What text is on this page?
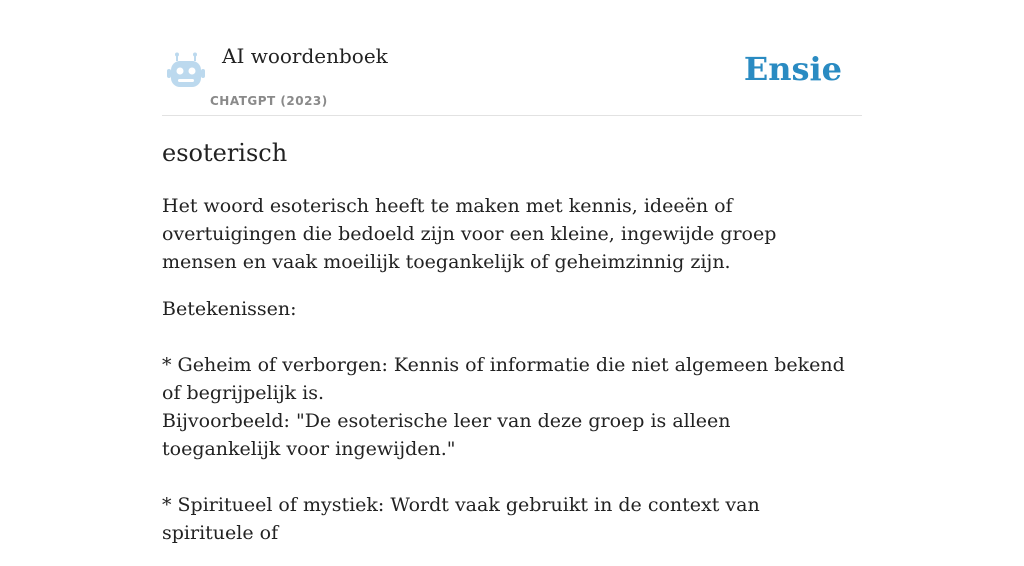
AI woordenboek
CHATGPT (2023)
Ensie
esoterisch

Het woord esoterisch heeft te maken met kennis, ideeën of overtuigingen die bedoeld zijn voor een kleine, ingewijde groep mensen en vaak moeilijk toegankelijk of geheimzinnig zijn.

Betekenissen:

* Geheim of verborgen: Kennis of informatie die niet algemeen bekend of begrijpelijk is.
Bijvoorbeeld: "De esoterische leer van deze groep is alleen toegankelijk voor ingewijden."

* Spiritueel of mystiek: Wordt vaak gebruikt in de context van spirituele of
